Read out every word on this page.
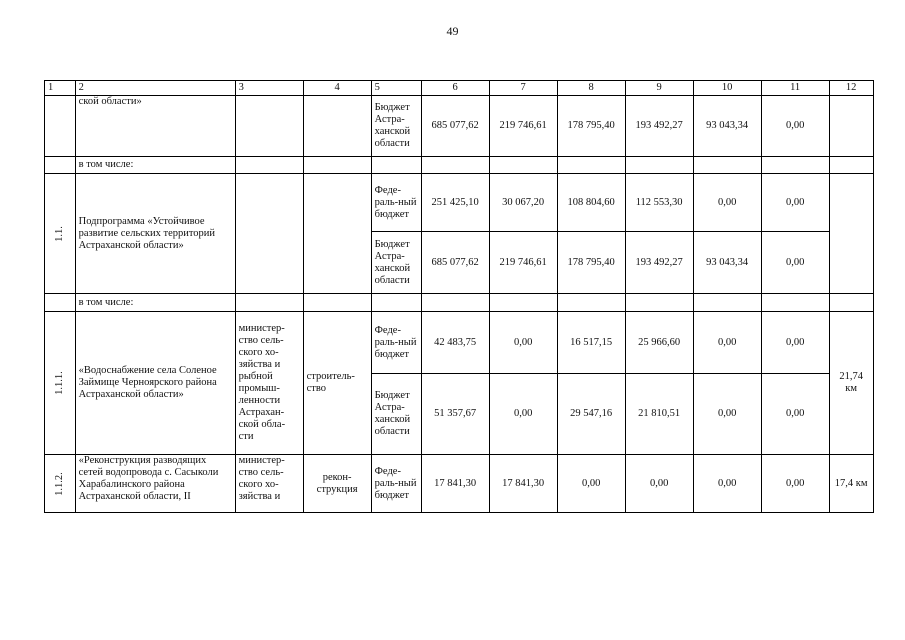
49
1	2	3	4	5	6	7	8	9	10	11	12
	ской области»			Бюджет Астра-ханской области	685 077,62	219 746,61	178 795,40	193 492,27	93 043,34	0,00	
	в том числе:										
1.1.	Подпрограмма «Устойчивое развитие сельских территорий Астраханской области»			Феде-раль-ный бюджет	251 425,10	30 067,20	108 804,60	112 553,30	0,00	0,00	
				Бюджет Астра-ханской области	685 077,62	219 746,61	178 795,40	193 492,27	93 043,34	0,00	
	в том числе:										
1.1.1.	«Водоснабжение села Соленое Займище Черноярского района Астраханской области»	министер-ство сель-ского хо-зяйства и рыбной промыш-ленности Астрахан-ской обла-сти	строитель-ство	Феде-раль-ный бюджет	42 483,75	0,00	16 517,15	25 966,60	0,00	0,00	21,74 км
				Бюджет Астра-ханской области	51 357,67	0,00	29 547,16	21 810,51	0,00	0,00	
1.1.2.	«Реконструкция разводящих сетей водопровода с. Сасыколи Харабалинского района Астраханской области, II	министер-ство сель-ского хо-зяйства и	рекон-струкция	Феде-раль-ный бюджет	17 841,30	17 841,30	0,00	0,00	0,00	0,00	17,4 км
